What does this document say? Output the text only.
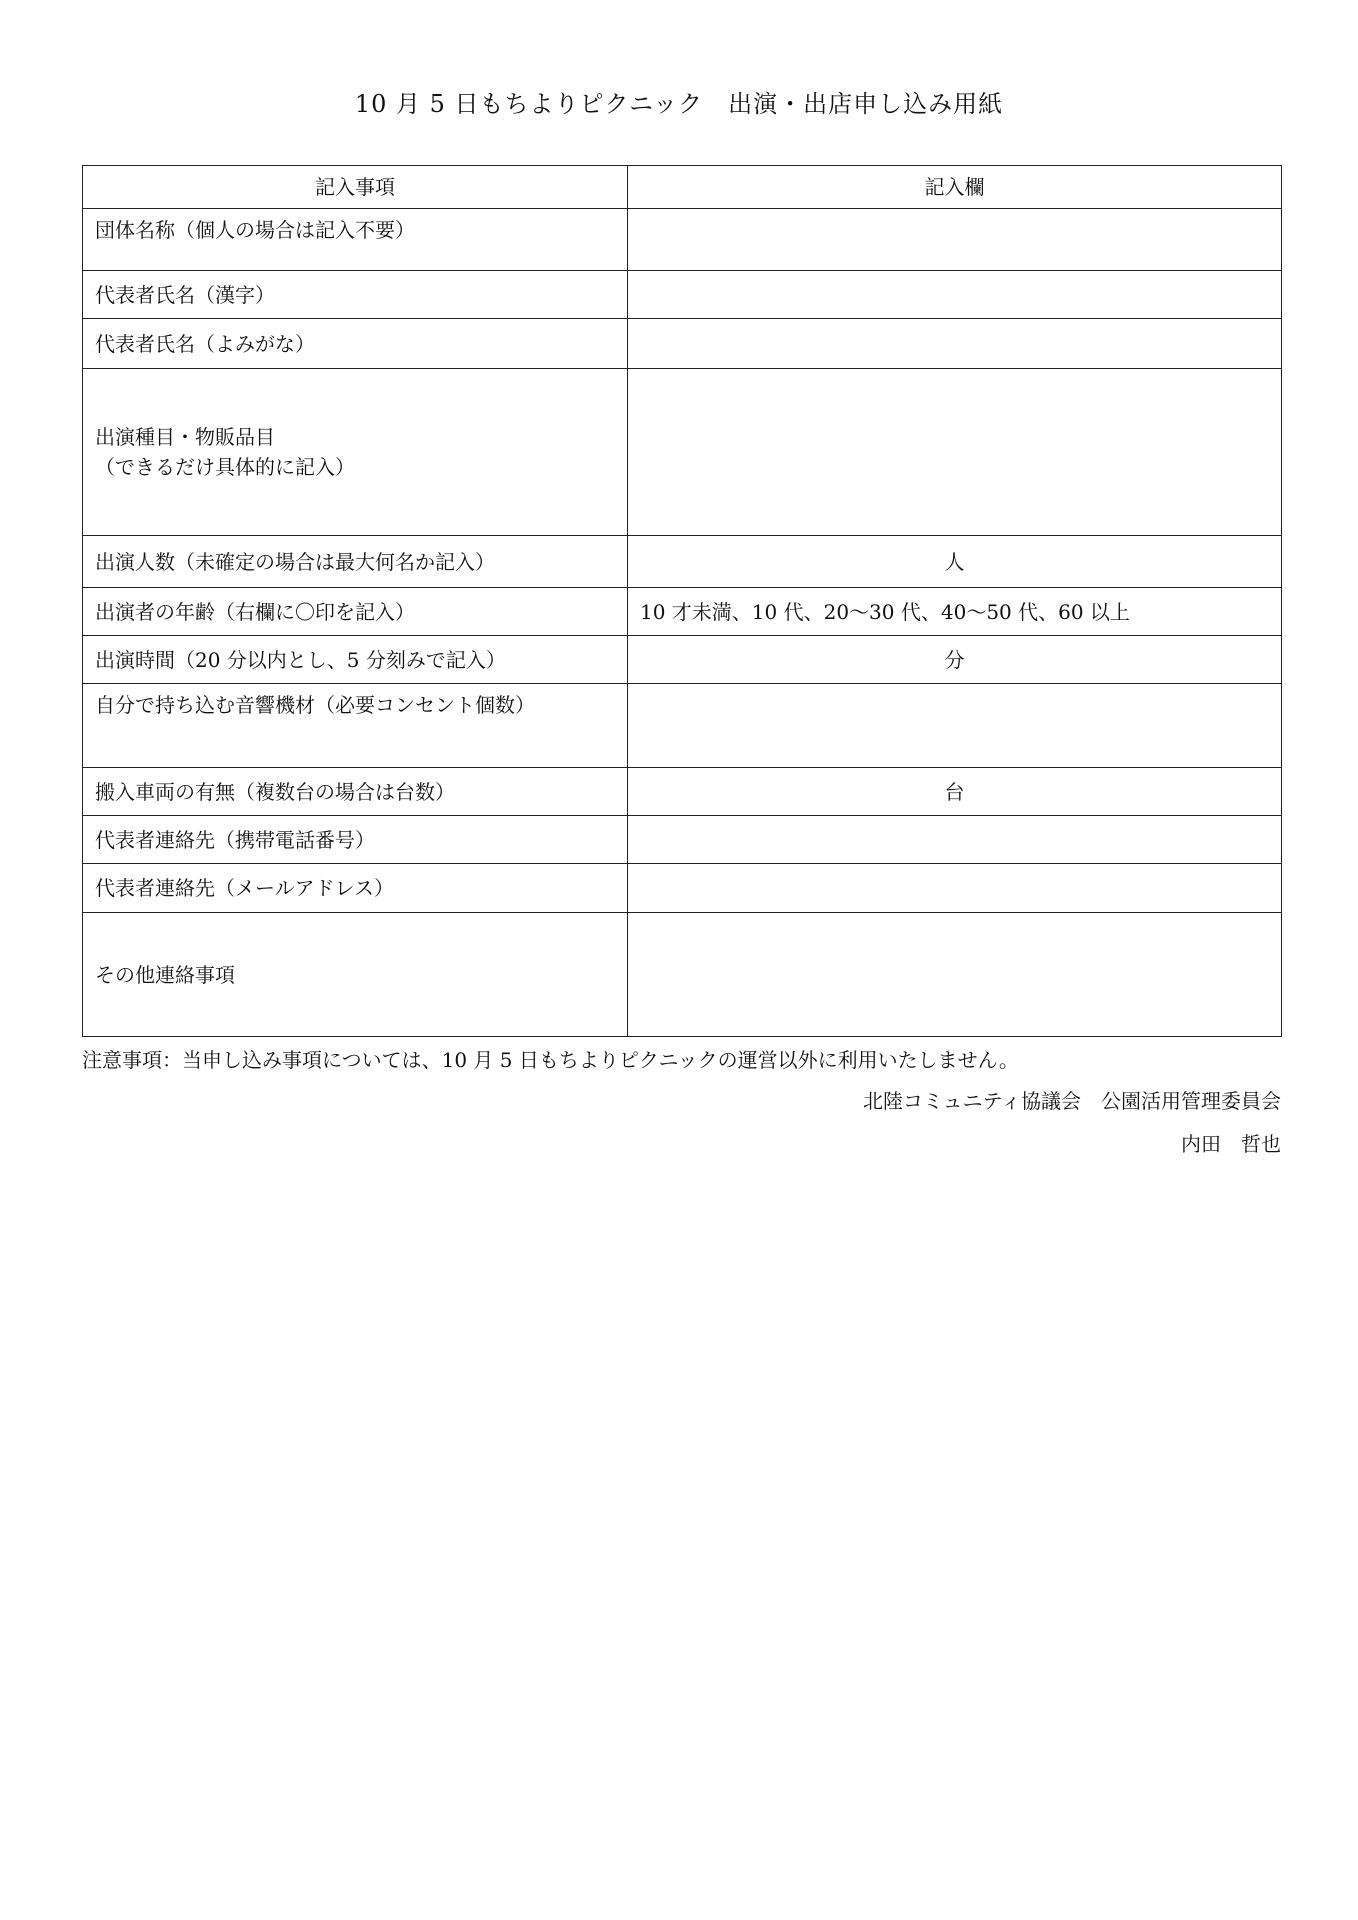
10 月 5 日もちよりピクニック　出演・出店申し込み用紙
記入事項	記入欄
団体名称（個人の場合は記入不要）	
代表者氏名（漢字）	
代表者氏名（よみがな）	

出演種目・物販品目
（できるだけ具体的に記入）	

出演人数（未確定の場合は最大何名か記入）	人
出演者の年齢（右欄に〇印を記入）	10 才未満、10 代、20〜30 代、40〜50 代、60 以上
出演時間（20 分以内とし、5 分刻みで記入）	分
自分で持ち込む音響機材（必要コンセント個数）	
搬入車両の有無（複数台の場合は台数）	台
代表者連絡先（携帯電話番号）	
代表者連絡先（メールアドレス）	
その他連絡事項	

注意事項：当申し込み事項については、10 月 5 日もちよりピクニックの運営以外に利用いたしません。

北陸コミュニティ協議会　公園活用管理委員会

内田　哲也
